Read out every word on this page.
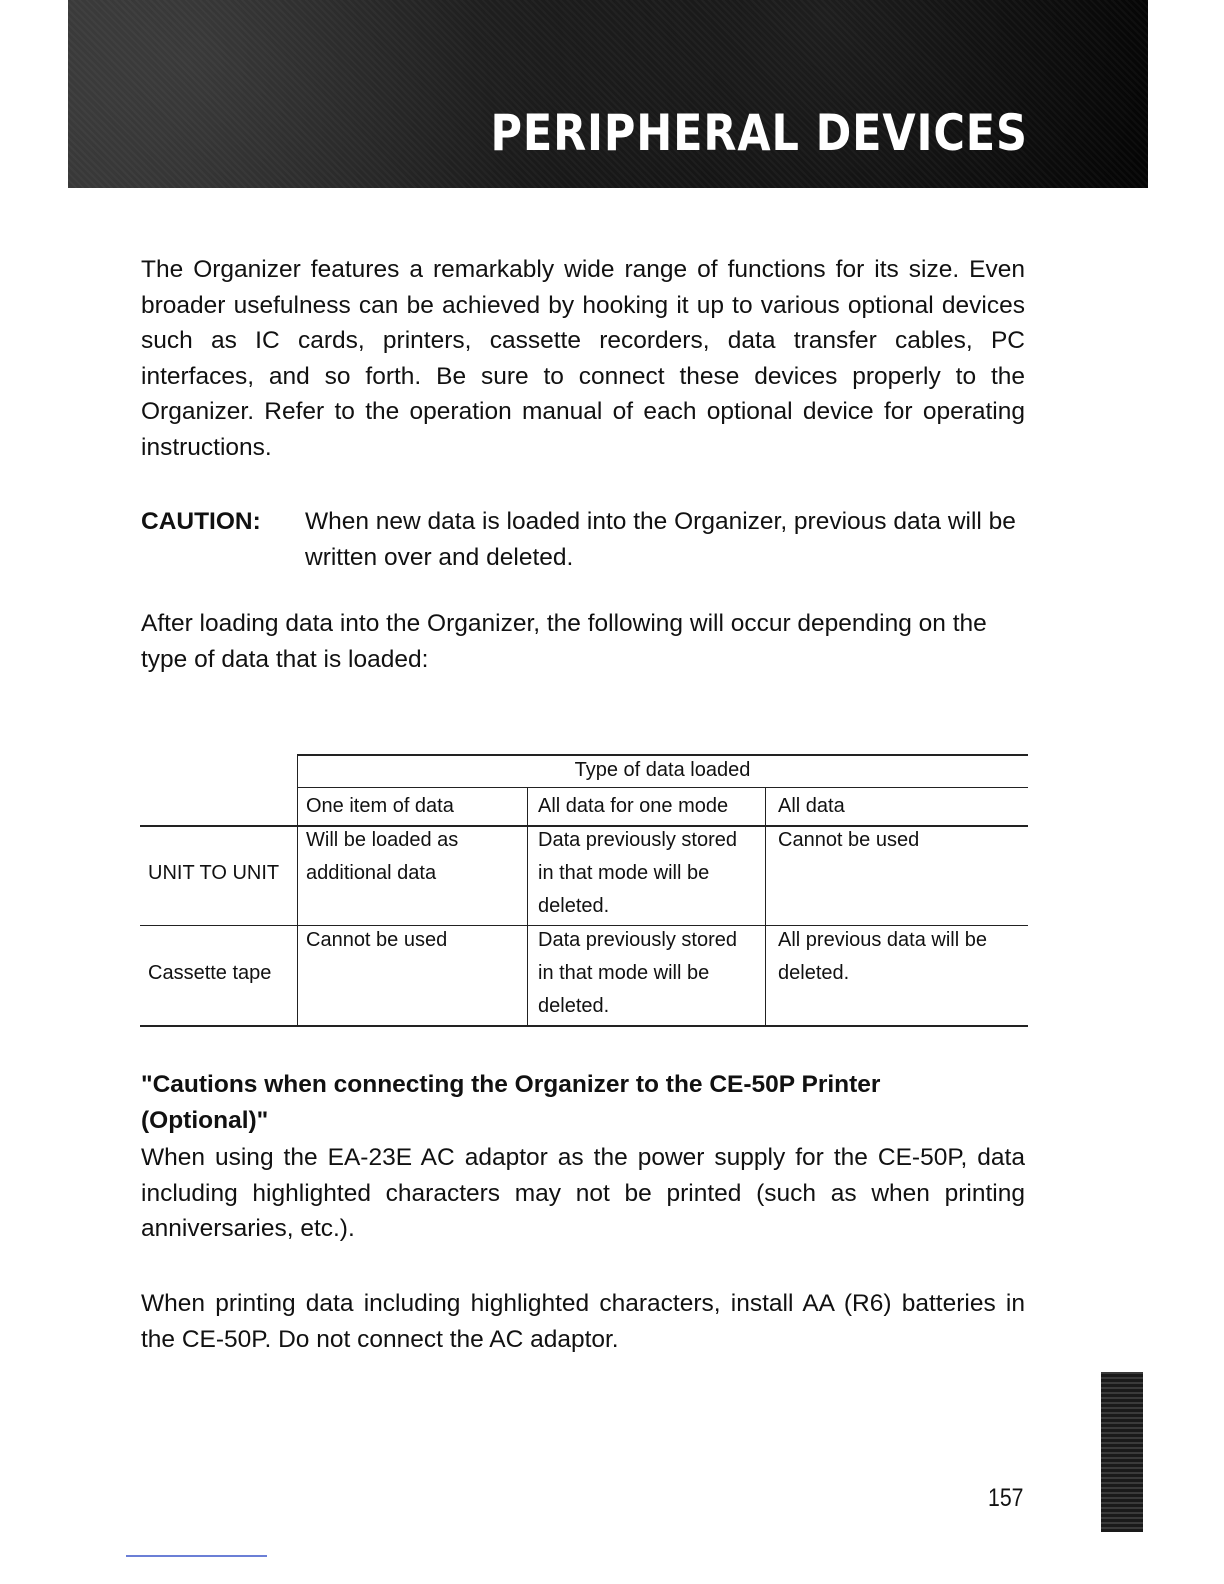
PERIPHERAL DEVICES

The Organizer features a remarkably wide range of functions for its size. Even broader usefulness can be achieved by hooking it up to various optional devices such as IC cards, printers, cassette recorders, data transfer cables, PC interfaces, and so forth. Be sure to connect these devices properly to the Organizer. Refer to the operation manual of each optional device for operating instructions.

CAUTION: When new data is loaded into the Organizer, previous data will be written over and deleted.

After loading data into the Organizer, the following will occur depending on the type of data that is loaded:

Type of data loaded
One item of data	All data for one mode All data
UNIT TO UNIT
Will be loaded as
additional data
Data previously stored
in that mode will be
deleted.
Cannot be used
Cassette tape
Cannot be used	Data previously stored
in that mode will be
deleted.
All previous data will be
deleted.
"Cautions when connecting the Organizer to the CE-50P Printer
(Optional)"

When using the EA-23E AC adaptor as the power supply for the CE-50P, data including highlighted characters may not be printed (such as when printing anniversaries, etc.).

When printing data including highlighted characters, install AA (R6) batteries in the CE-50P. Do not connect the AC adaptor.

157
